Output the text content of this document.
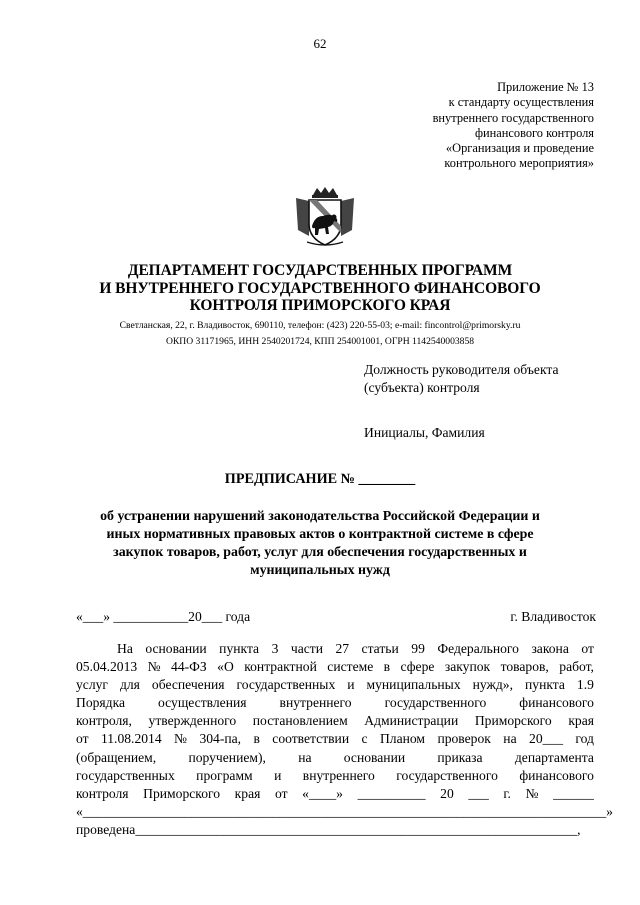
62
Приложение № 13
к стандарту осуществления
внутреннего государственного
финансового контроля
«Организация и проведение
контрольного мероприятия»
ДЕПАРТАМЕНТ ГОСУДАРСТВЕННЫХ ПРОГРАММ
И ВНУТРЕННЕГО ГОСУДАРСТВЕННОГО ФИНАНСОВОГО
КОНТРОЛЯ ПРИМОРСКОГО КРАЯ
Светланская, 22, г. Владивосток, 690110, телефон: (423) 220-55-03; e-mail: fincontrol@primorsky.ru
ОКПО 31171965, ИНН 2540201724, КПП 254001001, ОГРН 1142540003858
Должность руководителя объекта
(субъекта) контроля
Инициалы, Фамилия
ПРЕДПИСАНИЕ № ________
об устранении нарушений законодательства Российской Федерации и
иных нормативных правовых актов о контрактной системе в сфере
закупок товаров, работ, услуг для обеспечения государственных и
муниципальных нужд
«___» ___________20___ года	г. Владивосток
На основании пункта 3 части 27 статьи 99 Федерального закона от
05.04.2013 № 44-ФЗ «О контрактной системе в сфере закупок товаров, работ,
услуг для обеспечения государственных и муниципальных нужд», пункта 1.9
Порядка осуществления внутреннего государственного финансового
контроля, утвержденного постановлением Администрации Приморского края
от 11.08.2014 № 304-па, в соответствии с Планом проверок на 20___ год
(обращением, поручением), на основании приказа департамента
государственных программ и внутреннего государственного финансового
контроля Приморского края от «____» __________ 20 ___ г. № ______
«_____________________________________________________________________________»
проведена_________________________________________________________________,
